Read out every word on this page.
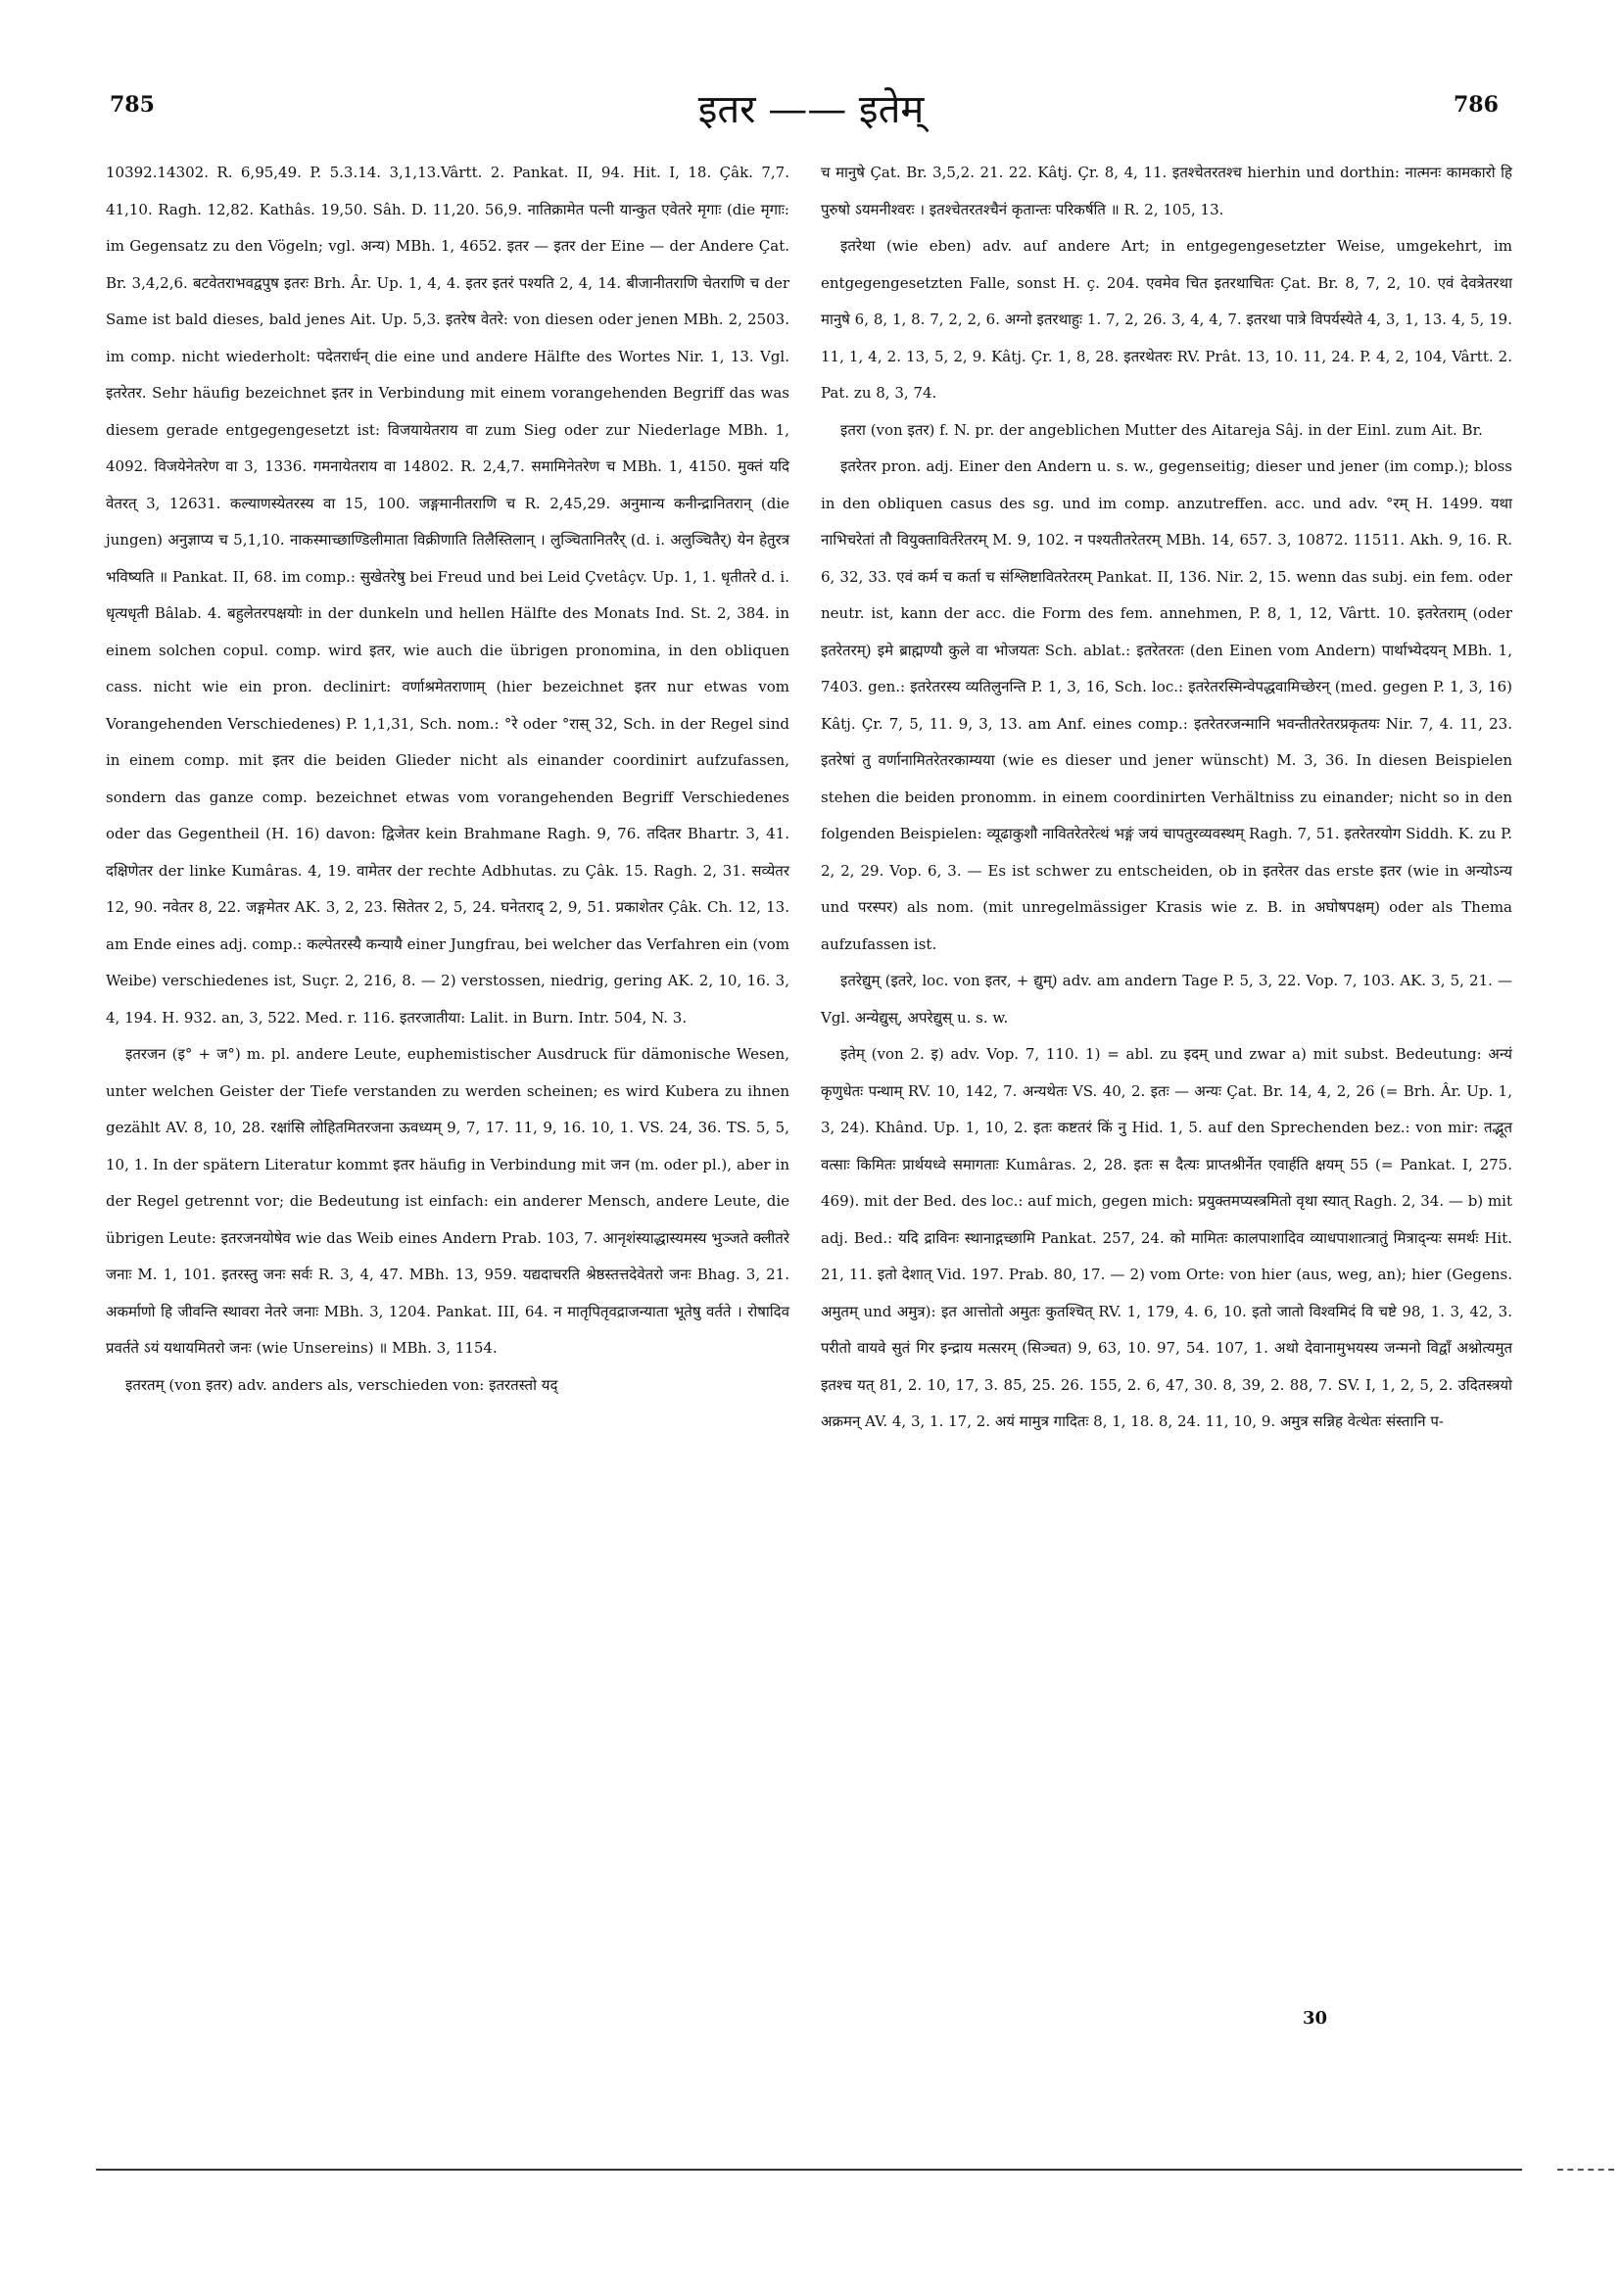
785	इतर —— इतेम्	786

10392.14302. R. 6,95,49. P. 5.3.14. 3,1,13.Vârtt. 2. Pankat. II, 94. Hit. I, 18. Çâk. 7,7. 41,10. Ragh. 12,82. Kathâs. 19,50. Sâh. D. 11,20. 56,9. नातिक्रामेत पत्नी यान्कुत एवेतरे मृगाः (die मृगाः: im Gegensatz zu den Vögeln; vgl. अन्य) MBh. 1, 4652. इतर — इतर der Eine — der Andere Çat. Br. 3,4,2,6. बटवेतराभवद्वपुष इतरः Brh. Âr. Up. 1, 4, 4. इतर इतरं पश्यति 2, 4, 14. बीजानीतराणि चेतराणि च der Same ist bald dieses, bald jenes Ait. Up. 5,3. इतरेष वेतरे: von diesen oder jenen MBh. 2, 2503. im comp. nicht wiederholt: पदेतरार्धन् die eine und andere Hälfte des Wortes Nir. 1, 13. Vgl. इतरेतर. Sehr häufig bezeichnet इतर in Verbindung mit einem vorangehenden Begriff das was diesem gerade entgegengesetzt ist: विजयायेतराय वा zum Sieg oder zur Niederlage MBh. 1, 4092. विजयेनेतरेण वा 3, 1336. गमनायेतराय वा 14802. R. 2,4,7. समामिनेतरेण च MBh. 1, 4150. मुक्तं यदि वेतरत् 3, 12631. कल्याणस्येतरस्य वा 15, 100. जङ्गमानीतराणि च R. 2,45,29. अनुमान्य कनीन्द्रानितरान् (die jungen) अनुज्ञाप्य च 5,1,10. नाकस्माच्छाण्डिलीमाता विक्रीणाति तिलैस्तिलान् । लुञ्चितानितरैर् (d. i. अलुञ्चितैर्) येन हेतुरत्र भविष्यति ॥ Pankat. II, 68. im comp.: सुखेतरेषु bei Freud und bei Leid Çvetâçv. Up. 1, 1. धृतीतरे d. i. धृत्यधृती Bâlab. 4. बहुलेतरपक्षयोः in der dunkeln und hellen Hälfte des Monats Ind. St. 2, 384. in einem solchen copul. comp. wird इतर, wie auch die übrigen pronomina, in den obliquen cass. nicht wie ein pron. declinirt: वर्णाश्रमेतराणाम् (hier bezeichnet इतर nur etwas vom Vorangehenden Verschiedenes) P. 1,1,31, Sch. nom.: °रे oder °रास् 32, Sch. in der Regel sind in einem comp. mit इतर die beiden Glieder nicht als einander coordinirt aufzufassen, sondern das ganze comp. bezeichnet etwas vom vorangehenden Begriff Verschiedenes oder das Gegentheil (H. 16) davon: द्विजेतर kein Brahmane Ragh. 9, 76. तदितर Bhartr. 3, 41. दक्षिणेतर der linke Kumâras. 4, 19. वामेतर der rechte Adbhutas. zu Çâk. 15. Ragh. 2, 31. सव्येतर 12, 90. नवेतर 8, 22. जङ्गमेतर AK. 3, 2, 23. सितेतर 2, 5, 24. घनेतराद् 2, 9, 51. प्रकाशेतर Çâk. Ch. 12, 13. am Ende eines adj. comp.: कल्पेतरस्यै कन्यायै einer Jungfrau, bei welcher das Verfahren ein (vom Weibe) verschiedenes ist, Suçr. 2, 216, 8. — 2) verstossen, niedrig, gering AK. 2, 10, 16. 3, 4, 194. H. 932. an, 3, 522. Med. r. 116. इतरजातीया: Lalit. in Burn. Intr. 504, N. 3.

इतरजन (इ° + ज°) m. pl. andere Leute, euphemistischer Ausdruck für dämonische Wesen, unter welchen Geister der Tiefe verstanden zu werden scheinen; es wird Kubera zu ihnen gezählt AV. 8, 10, 28. रक्षांसि लोहितमितरजना ऊवध्यम् 9, 7, 17. 11, 9, 16. 10, 1. VS. 24, 36. TS. 5, 5, 10, 1. In der spätern Literatur kommt इतर häufig in Verbindung mit जन (m. oder pl.), aber in der Regel getrennt vor; die Bedeutung ist einfach: ein anderer Mensch, andere Leute, die übrigen Leute: इतरजनयोषेव wie das Weib eines Andern Prab. 103, 7. आनृशंस्याद्धास्यमस्य भुञ्जते क्लीतरे जनाः M. 1, 101. इतरस्तु जनः सर्वः R. 3, 4, 47. MBh. 13, 959. यद्यदाचरति श्रेष्ठस्तत्तदेवेतरो जनः Bhag. 3, 21. अकर्माणो हि जीवन्ति स्थावरा नेतरे जनाः MBh. 3, 1204. Pankat. III, 64. न मातृपितृवद्राजन्याता भूतेषु वर्तते । रोषादिव प्रवर्तते ऽयं यथायमितरो जनः (wie Unsereins) ॥ MBh. 3, 1154.

इतरतम् (von इतर) adv. anders als, verschieden von: इतरतस्तो यद्

च मानुषे Çat. Br. 3,5,2. 21. 22. Kâtj. Çr. 8, 4, 11. इतश्चेतरतश्च hierhin und dorthin: नात्मनः कामकारो हि पुरुषो ऽयमनीश्वरः । इतश्चेतरतश्चैनं कृतान्तः परिकर्षति ॥ R. 2, 105, 13.

इतरेथा (wie eben) adv. auf andere Art; in entgegengesetzter Weise, umgekehrt, im entgegengesetzten Falle, sonst H. ç. 204. एवमेव चित इतरथाचितः Çat. Br. 8, 7, 2, 10. एवं देवत्रेतरथा मानुषे 6, 8, 1, 8. 7, 2, 2, 6. अग्नो इतरथाहुः 1. 7, 2, 26. 3, 4, 4, 7. इतरथा पात्रे विपर्यस्येते 4, 3, 1, 13. 4, 5, 19. 11, 1, 4, 2. 13, 5, 2, 9. Kâtj. Çr. 1, 8, 28. इतरथेतरः RV. Prât. 13, 10. 11, 24. P. 4, 2, 104, Vârtt. 2. Pat. zu 8, 3, 74.

इतरा (von इतर) f. N. pr. der angeblichen Mutter des Aitareja Sâj. in der Einl. zum Ait. Br.

इतरेतर pron. adj. Einer den Andern u. s. w., gegenseitig; dieser und jener (im comp.); bloss in den obliquen casus des sg. und im comp. anzutreffen. acc. und adv. °रम् H. 1499. यथा नाभिचरेतां तौ वियुक्ताविर्तरेतरम् M. 9, 102. न पश्यतीतरेतरम् MBh. 14, 657. 3, 10872. 11511. Akh. 9, 16. R. 6, 32, 33. एवं कर्म च कर्ता च संश्लिष्टावितरेतरम् Pankat. II, 136. Nir. 2, 15. wenn das subj. ein fem. oder neutr. ist, kann der acc. die Form des fem. annehmen, P. 8, 1, 12, Vârtt. 10. इतरेतराम् (oder इतरेतरम्) इमे ब्राह्मण्यौ कुले वा भोजयतः Sch. ablat.: इतरेतरतः (den Einen vom Andern) पार्थाभ्येदयन् MBh. 1, 7403. gen.: इतरेतरस्य व्यतिलुनन्ति P. 1, 3, 16, Sch. loc.: इतरेतरस्मिन्वेपद्धवामिच्छेरन् (med. gegen P. 1, 3, 16) Kâtj. Çr. 7, 5, 11. 9, 3, 13. am Anf. eines comp.: इतरेतरजन्मानि भवन्तीतरेतरप्रकृतयः Nir. 7, 4. 11, 23. इतरेषां तु वर्णानामितरेतरकाम्यया (wie es dieser und jener wünscht) M. 3, 36. In diesen Beispielen stehen die beiden pronomm. in einem coordinirten Verhältniss zu einander; nicht so in den folgenden Beispielen: व्यूढाकुशौ नावितरेतरेत्थं भङ्गं जयं चापतुरव्यवस्थम् Ragh. 7, 51. इतरेतरयोग Siddh. K. zu P. 2, 2, 29. Vop. 6, 3. — Es ist schwer zu entscheiden, ob in इतरेतर das erste इतर (wie in अन्योऽन्य und परस्पर) als nom. (mit unregelmässiger Krasis wie z. B. in अघोषपक्षम्) oder als Thema aufzufassen ist.

इतरेद्युम् (इतरे, loc. von इतर, + द्युम्) adv. am andern Tage P. 5, 3, 22. Vop. 7, 103. AK. 3, 5, 21. — Vgl. अन्येद्युस्, अपरेद्युस् u. s. w.

इतेम् (von 2. इ) adv. Vop. 7, 110. 1) = abl. zu इदम् und zwar a) mit subst. Bedeutung: अन्यं कृणुधेतः पन्थाम् RV. 10, 142, 7. अन्यथेतः VS. 40, 2. इतः — अन्यः Çat. Br. 14, 4, 2, 26 (= Brh. Âr. Up. 1, 3, 24). Khând. Up. 1, 10, 2. इतः कष्टतरं किं नु Hid. 1, 5. auf den Sprechenden bez.: von mir: तद्भूत वत्साः किमितः प्रार्थयध्वे समागताः Kumâras. 2, 28. इतः स दैत्यः प्राप्तश्रीर्नेत एवार्हति क्षयम् 55 (= Pankat. I, 275. 469). mit der Bed. des loc.: auf mich, gegen mich: प्रयुक्तमप्यस्त्रमितो वृथा स्यात् Ragh. 2, 34. — b) mit adj. Bed.: यदि द्राविनः स्थानाद्गच्छामि Pankat. 257, 24. को मामितः कालपाशादिव व्याधपाशात्त्रातुं मित्राद्न्यः समर्थः Hit. 21, 11. इतो देशात् Vid. 197. Prab. 80, 17. — 2) vom Orte: von hier (aus, weg, an); hier (Gegens. अमुतम् und अमुत्र): इत आत्तोतो अमुतः कुतश्चित् RV. 1, 179, 4. 6, 10. इतो जातो विश्वमिदं वि चष्टे 98, 1. 3, 42, 3. परीतो वायवे सुतं गिर इन्द्राय मत्सरम् (सिञ्चत) 9, 63, 10. 97, 54. 107, 1. अथो देवानामुभयस्य जन्मनो विद्वाँ अश्नोत्यमुत इतश्च यत् 81, 2. 10, 17, 3. 85, 25. 26. 155, 2. 6, 47, 30. 8, 39, 2. 88, 7. SV. I, 1, 2, 5, 2. उदितस्त्रयो अक्रमन् AV. 4, 3, 1. 17, 2. अयं मामुत्र गादितः 8, 1, 18. 8, 24. 11, 10, 9. अमुत्र सन्निह वेत्थेतः संस्तानि प-

30
